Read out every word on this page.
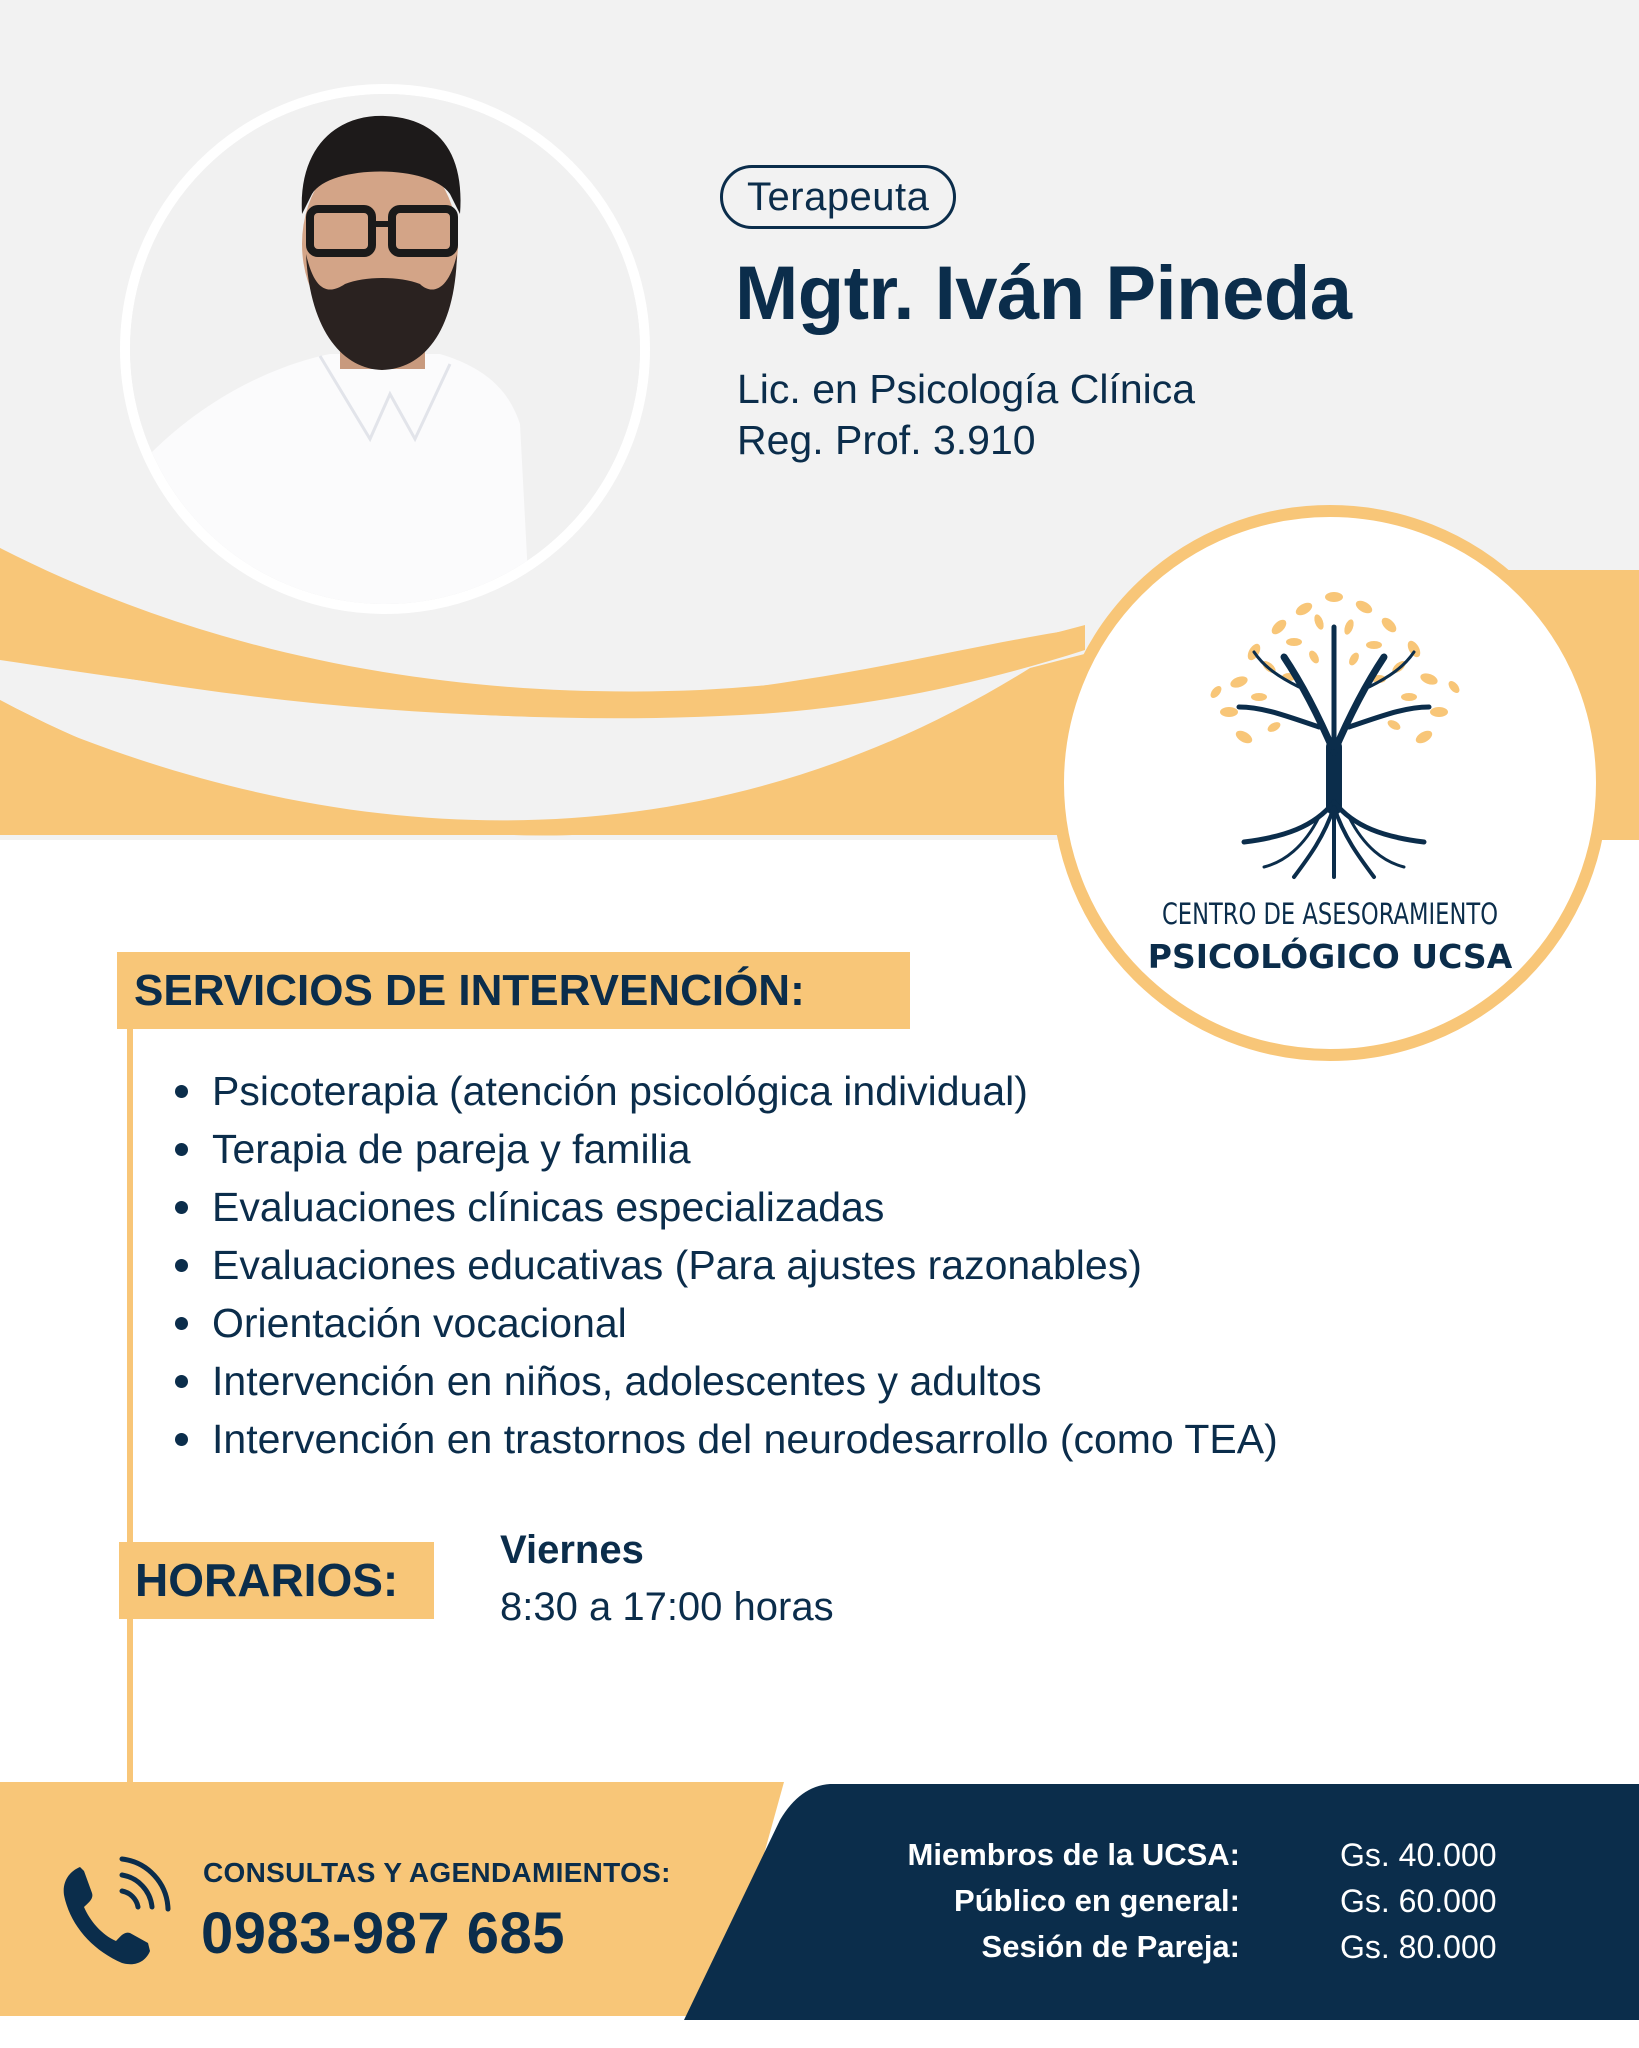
Terapeuta
Mgtr. Iván Pineda
Lic. en Psicología Clínica
Reg. Prof. 3.910
CENTRO DE ASESORAMIENTO
PSICOLÓGICO UCSA
SERVICIOS DE INTERVENCIÓN:
Psicoterapia (atención psicológica individual)
Terapia de pareja y familia
Evaluaciones clínicas especializadas
Evaluaciones educativas (Para ajustes razonables)
Orientación vocacional
Intervención en niños, adolescentes y adultos
Intervención en trastornos del neurodesarrollo (como TEA)
HORARIOS:
Viernes
8:30 a 17:00 horas
CONSULTAS Y AGENDAMIENTOS:
0983-987 685
Miembros de la UCSA:	Gs. 40.000
Público en general:	Gs. 60.000
Sesión de Pareja:	Gs. 80.000
